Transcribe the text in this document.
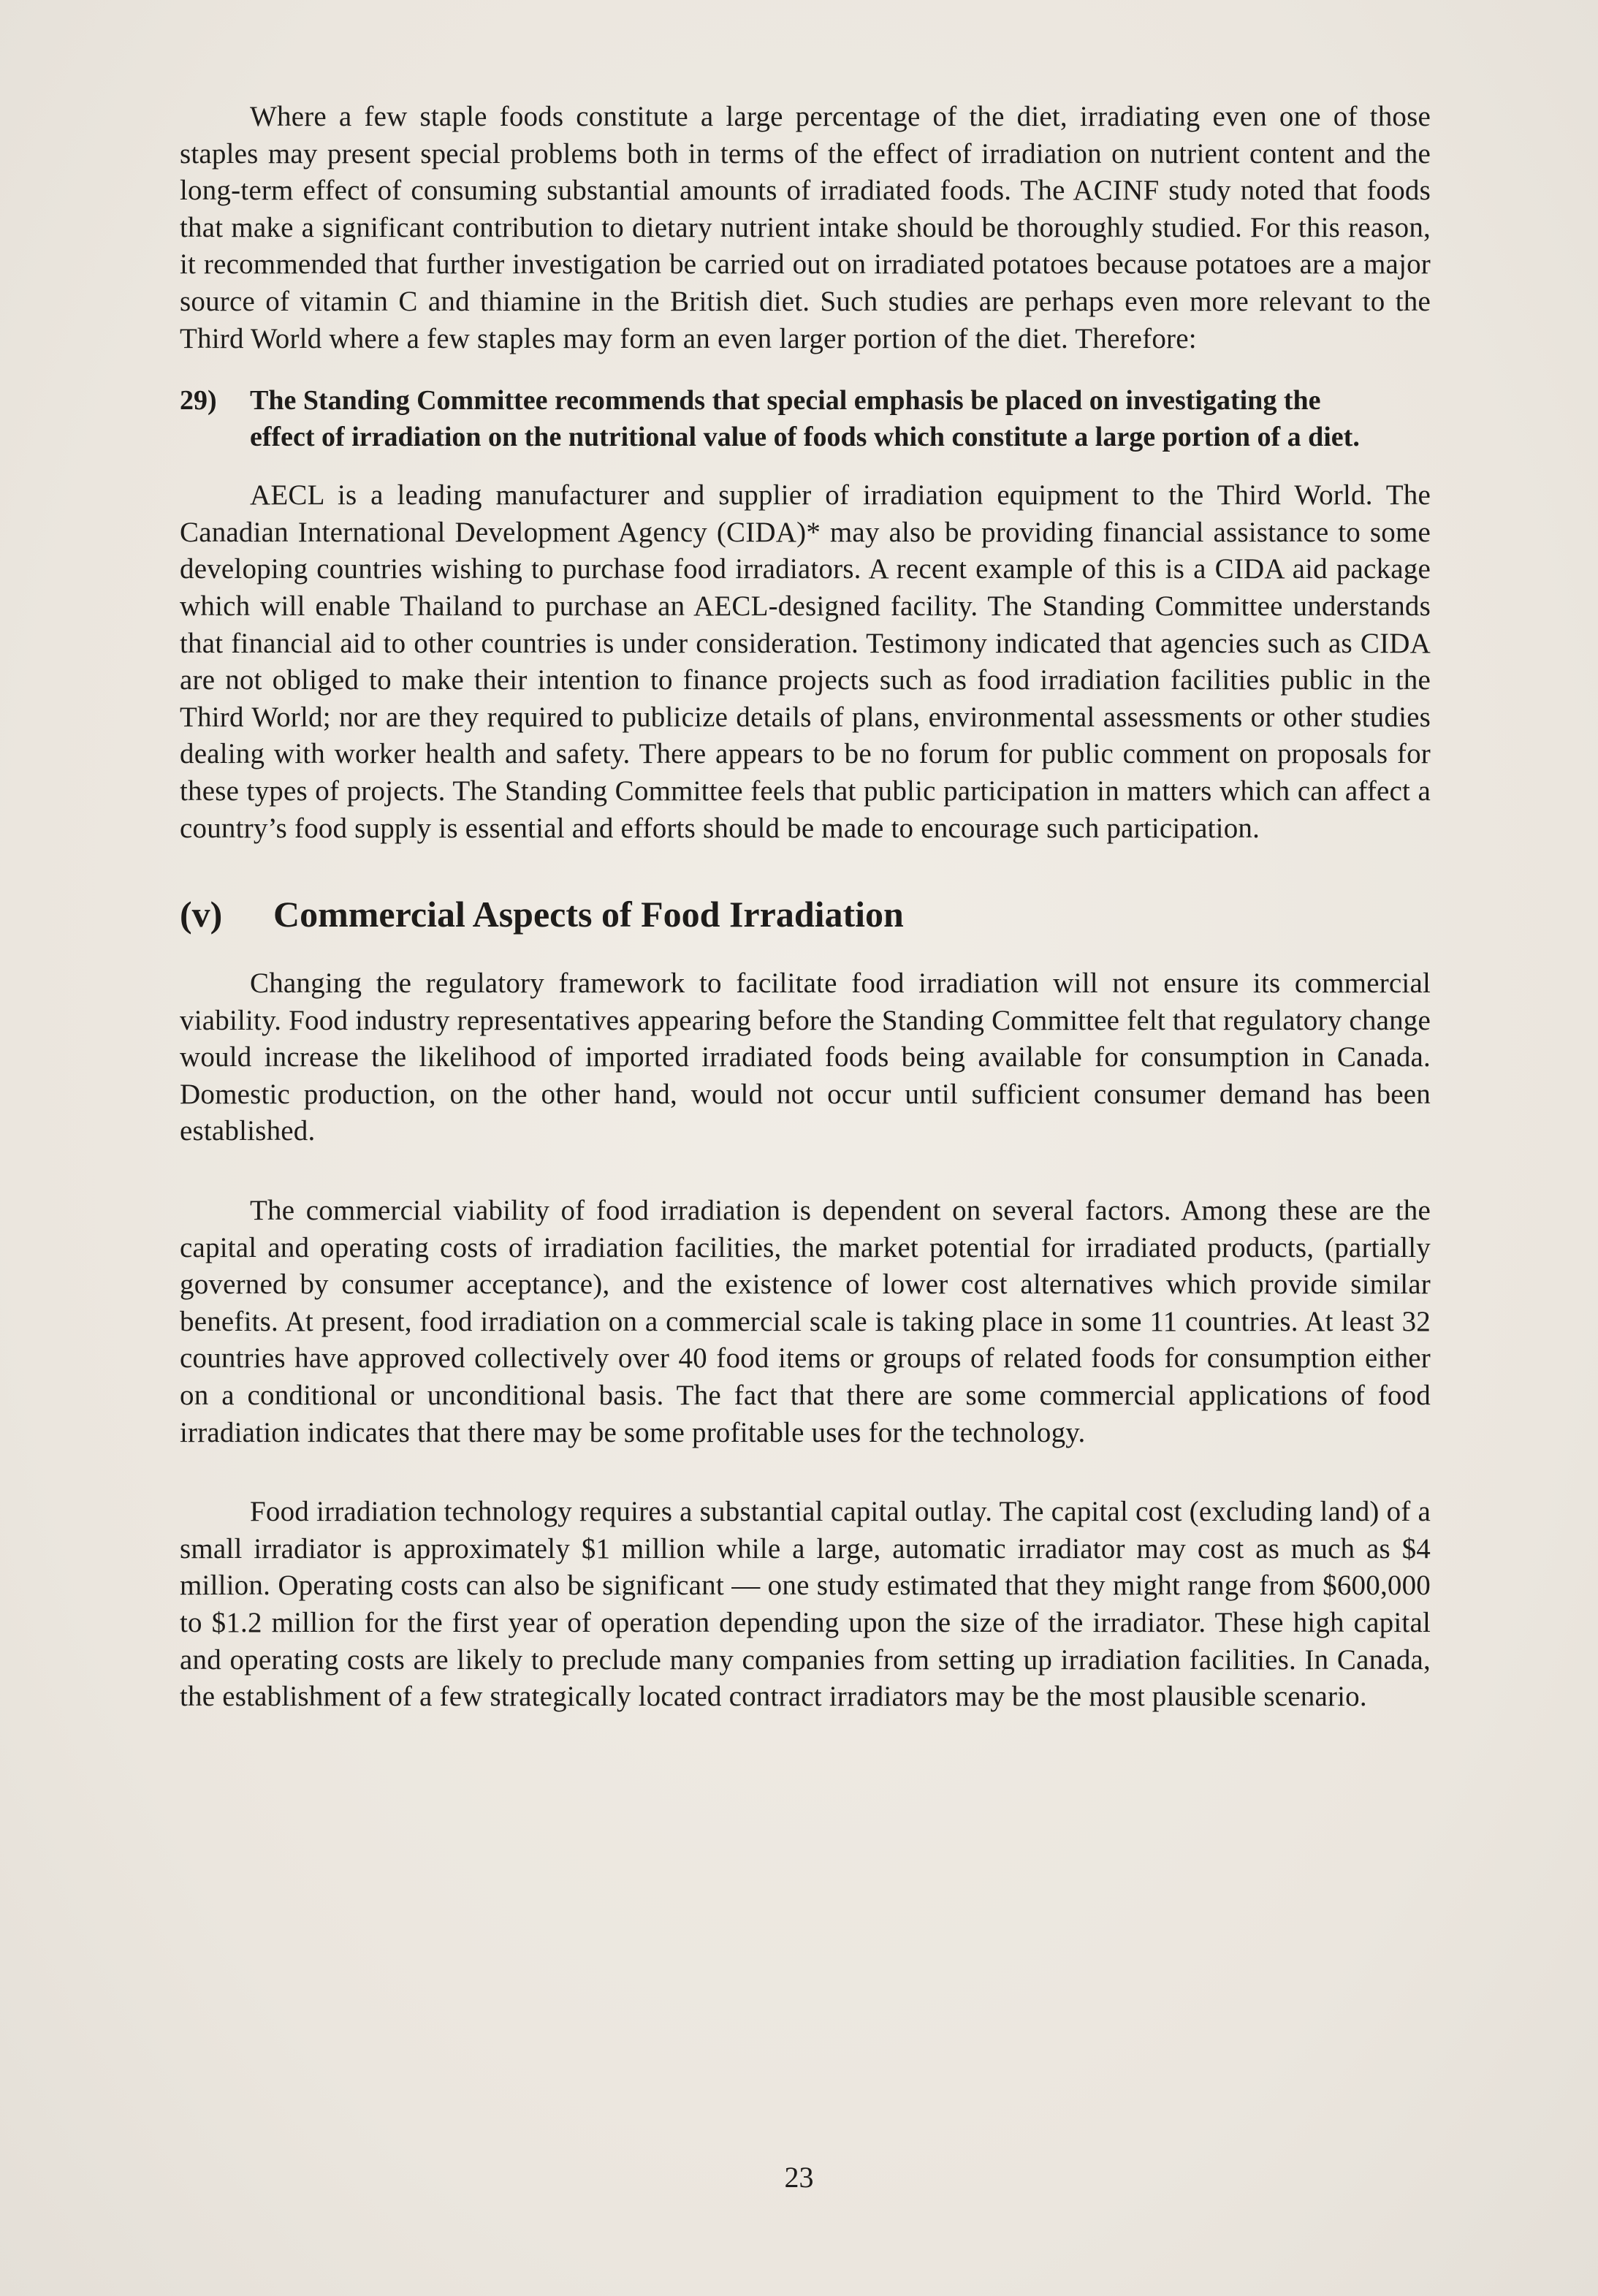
Where a few staple foods constitute a large percentage of the diet, irradiating even one of those staples may present special problems both in terms of the effect of irradiation on nutrient content and the long-term effect of consuming substantial amounts of irradiated foods. The ACINF study noted that foods that make a significant contribution to dietary nutrient intake should be thoroughly studied. For this reason, it recommended that further investigation be carried out on irradiated potatoes because potatoes are a major source of vitamin C and thiamine in the British diet. Such studies are perhaps even more relevant to the Third World where a few staples may form an even larger portion of the diet. Therefore:

29)	The Standing Committee recommends that special emphasis be placed on investigating the effect of irradiation on the nutritional value of foods which constitute a large portion of a diet.

AECL is a leading manufacturer and supplier of irradiation equipment to the Third World. The Canadian International Development Agency (CIDA)* may also be providing financial assistance to some developing countries wishing to purchase food irradiators. A recent example of this is a CIDA aid package which will enable Thailand to purchase an AECL-designed facility. The Standing Committee understands that financial aid to other countries is under consideration. Testimony indicated that agencies such as CIDA are not obliged to make their intention to finance projects such as food irradiation facilities public in the Third World; nor are they required to publicize details of plans, environmental assessments or other studies dealing with worker health and safety. There appears to be no forum for public comment on proposals for these types of projects. The Standing Committee feels that public participation in matters which can affect a country’s food supply is essential and efforts should be made to encourage such participation.

(v)	Commercial Aspects of Food Irradiation

Changing the regulatory framework to facilitate food irradiation will not ensure its commercial viability. Food industry representatives appearing before the Standing Committee felt that regulatory change would increase the likelihood of imported irradiated foods being available for consumption in Canada. Domestic production, on the other hand, would not occur until sufficient consumer demand has been established.

The commercial viability of food irradiation is dependent on several factors. Among these are the capital and operating costs of irradiation facilities, the market potential for irradiated products, (partially governed by consumer acceptance), and the existence of lower cost alternatives which provide similar benefits. At present, food irradiation on a commercial scale is taking place in some 11 countries. At least 32 countries have approved collectively over 40 food items or groups of related foods for consumption either on a conditional or unconditional basis. The fact that there are some commercial applications of food irradiation indicates that there may be some profitable uses for the technology.

Food irradiation technology requires a substantial capital outlay. The capital cost (excluding land) of a small irradiator is approximately $1 million while a large, automatic irradiator may cost as much as $4 million. Operating costs can also be significant — one study estimated that they might range from $600,000 to $1.2 million for the first year of operation depending upon the size of the irradiator. These high capital and operating costs are likely to preclude many companies from setting up irradiation facilities. In Canada, the establishment of a few strategically located contract irradiators may be the most plausible scenario.

23
